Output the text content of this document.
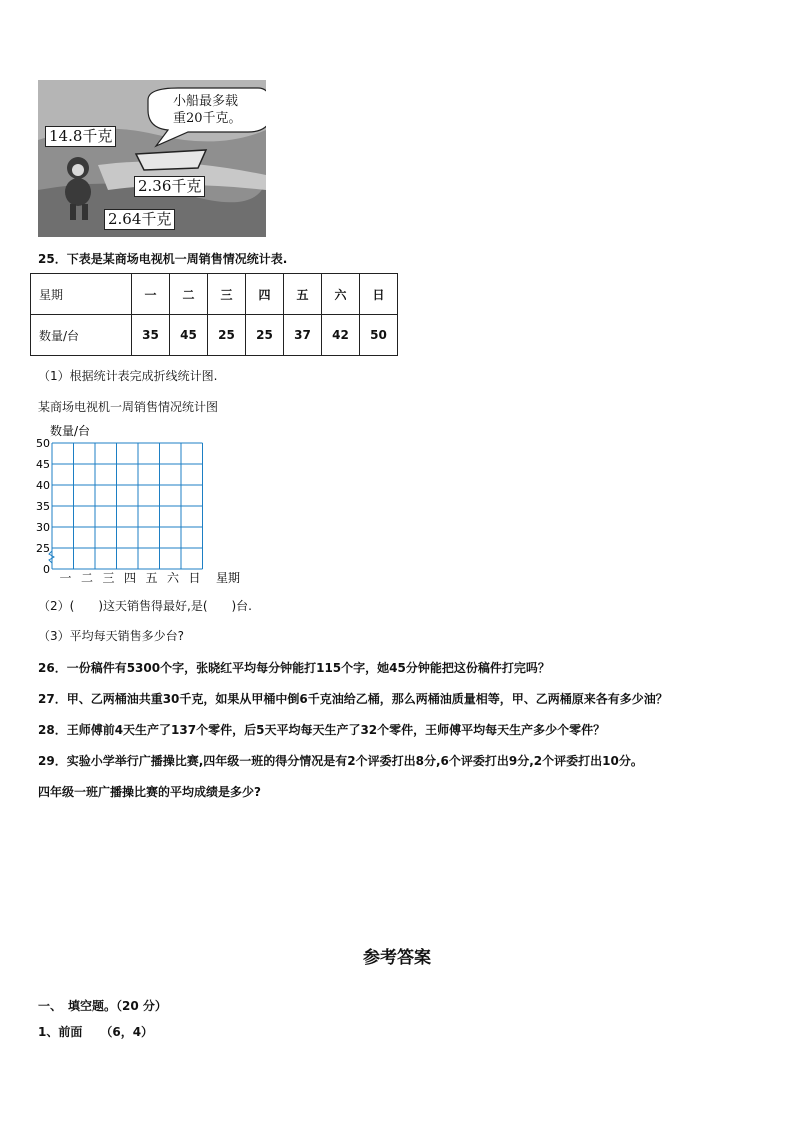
小船最多载
重20千克。
14.8千克
2.36千克
2.64千克
25．下表是某商场电视机一周销售情况统计表.
星期	一	二	三	四	五	六	日
数量/台	35	45	25	25	37	42	50
（1）根据统计表完成折线统计图.
某商场电视机一周销售情况统计图
50
45
40
35
30
25
0
一 二 三 四 五 六 日
数量/台
星期
（2）(　　)这天销售得最好,是(　　)台.
（3）平均每天销售多少台?
26．一份稿件有5300个字，张晓红平均每分钟能打115个字，她45分钟能把这份稿件打完吗？
27．甲、乙两桶油共重30千克，如果从甲桶中倒6千克油给乙桶，那么两桶油质量相等，甲、乙两桶原来各有多少油？
28．王师傅前4天生产了137个零件，后5天平均每天生产了32个零件，王师傅平均每天生产多少个零件？
29．实验小学举行广播操比赛,四年级一班的得分情况是有2个评委打出8分,6个评委打出9分,2个评委打出10分。
四年级一班广播操比赛的平均成绩是多少?
参考答案
一、　填空题。（20 分）
1、前面　　（6，4）
